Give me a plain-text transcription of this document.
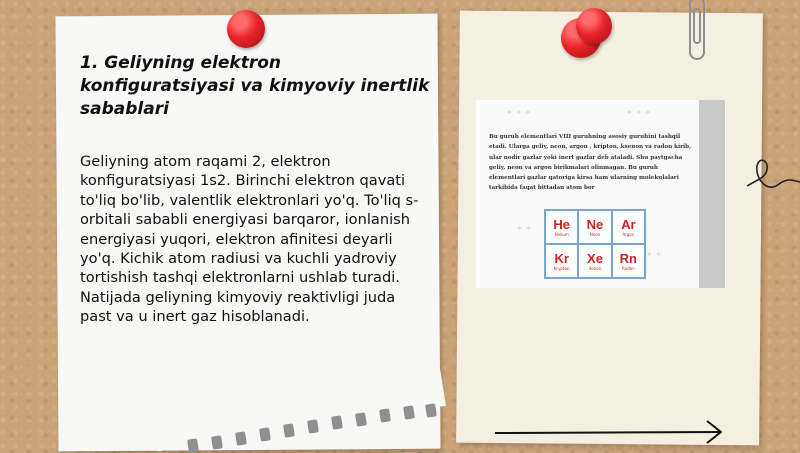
1. Geliyning elektron konfiguratsiyasi va kimyoviy inertlik sabablari

Geliyning atom raqami 2, elektron konfiguratsiyasi 1s2. Birinchi elektron qavati to'liq bo'lib, valentlik elektronlari yo'q. To'liq s-orbitali sababli energiyasi barqaror, ionlanish energiyasi yuqori, elektron afinitesi deyarli yo'q. Kichik atom radiusi va kuchli yadroviy tortishish tashqi elektronlarni ushlab turadi. Natijada geliyning kimyoviy reaktivligi juda past va u inert gaz hisoblanadi.

✦ ✦ ✦	✦ ✦ ✦
✦ ✦
✦ ✦

Bu guruh elementlari VIII guruhning asosiy guruhini tashqil etadi. Ularga geliy, neon, argon , kripton, ksenon va radon kirib, ular nodir gazlar yoki inert gazlar deb ataladi. Shu paytgacha geliy, neon va argon birikmalari olinmagan. Bu guruh elementlari gazlar qatoriga kirsa ham ularning molekulalari tarkibida faqat bittadan atom bor

He
Helium
Ne
Neon
Ar
Argon
Kr
Krypton
Xe
Xenon
Rn
Radon
